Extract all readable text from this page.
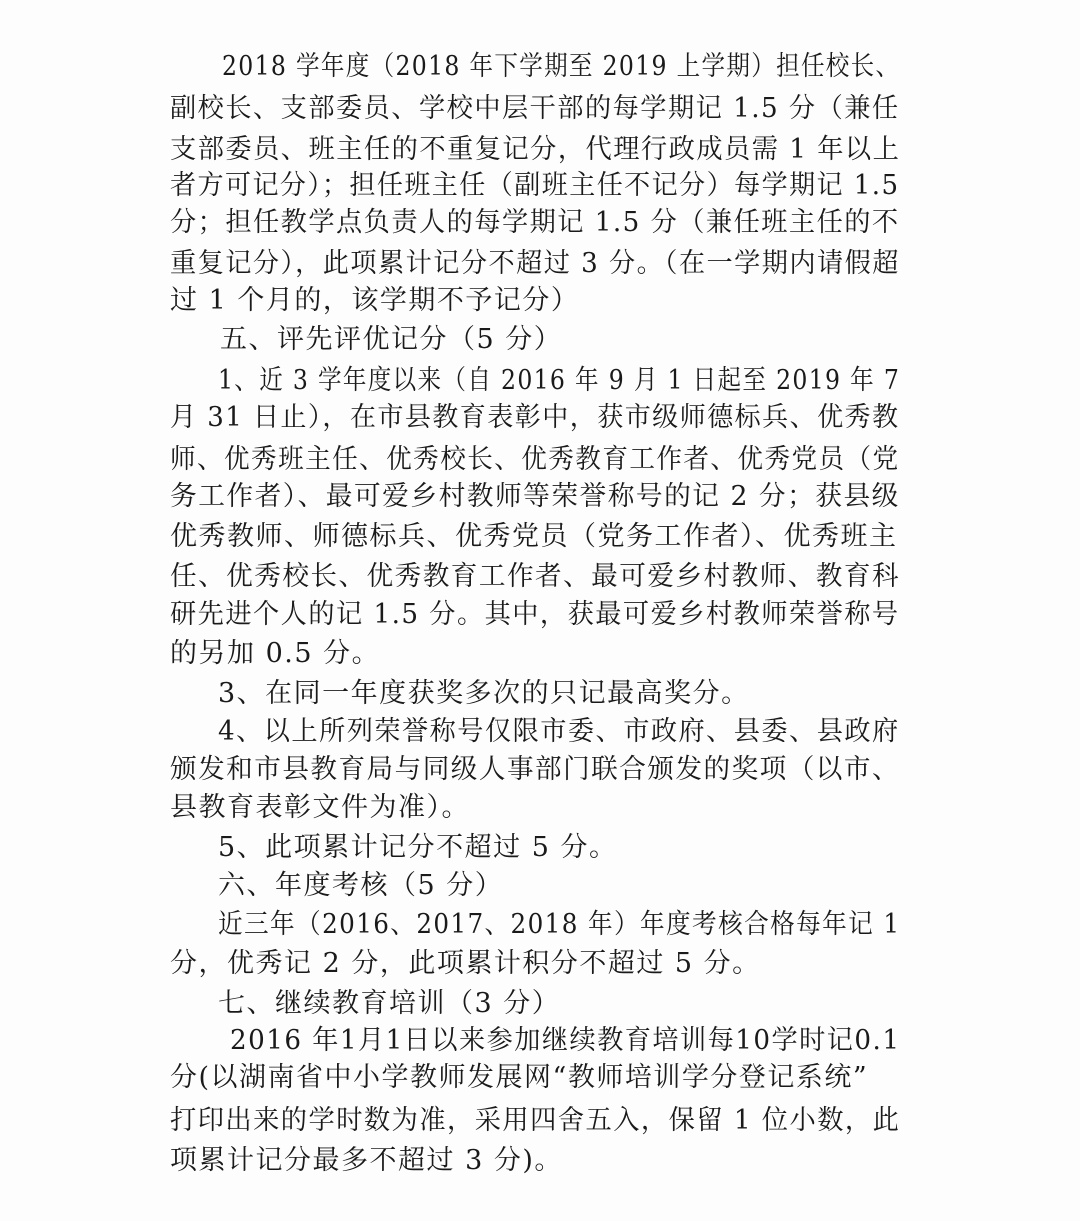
2018 学年度（2018 年下学期至 2019 上学期）担任校长、
副校长、支部委员、学校中层干部的每学期记 1.5 分（兼任
支部委员、班主任的不重复记分，代理行政成员需 1 年以上
者方可记分）；担任班主任（副班主任不记分）每学期记 1.5
分；担任教学点负责人的每学期记 1.5 分（兼任班主任的不
重复记分），此项累计记分不超过 3 分。（在一学期内请假超
过 1 个月的，该学期不予记分）
五、评先评优记分（5 分）
1、近 3 学年度以来（自 2016 年 9 月 1 日起至 2019 年 7
月 31 日止），在市县教育表彰中，获市级师德标兵、优秀教
师、优秀班主任、优秀校长、优秀教育工作者、优秀党员（党
务工作者）、最可爱乡村教师等荣誉称号的记 2 分；获县级
优秀教师、师德标兵、优秀党员（党务工作者）、优秀班主
任、优秀校长、优秀教育工作者、最可爱乡村教师、教育科
研先进个人的记 1.5 分。其中，获最可爱乡村教师荣誉称号
的另加 0.5 分。
3、在同一年度获奖多次的只记最高奖分。
4、以上所列荣誉称号仅限市委、市政府、县委、县政府
颁发和市县教育局与同级人事部门联合颁发的奖项（以市、
县教育表彰文件为准）。
5、此项累计记分不超过 5 分。
六、年度考核（5 分）
近三年（2016、2017、2018 年）年度考核合格每年记 1
分，优秀记 2 分，此项累计积分不超过 5 分。
七、继续教育培训（3 分）
2016 年1月1日以来参加继续教育培训每10学时记0.1
分(以湖南省中小学教师发展网“教师培训学分登记系统”
打印出来的学时数为准，采用四舍五入，保留 1 位小数，此
项累计记分最多不超过 3 分)。
